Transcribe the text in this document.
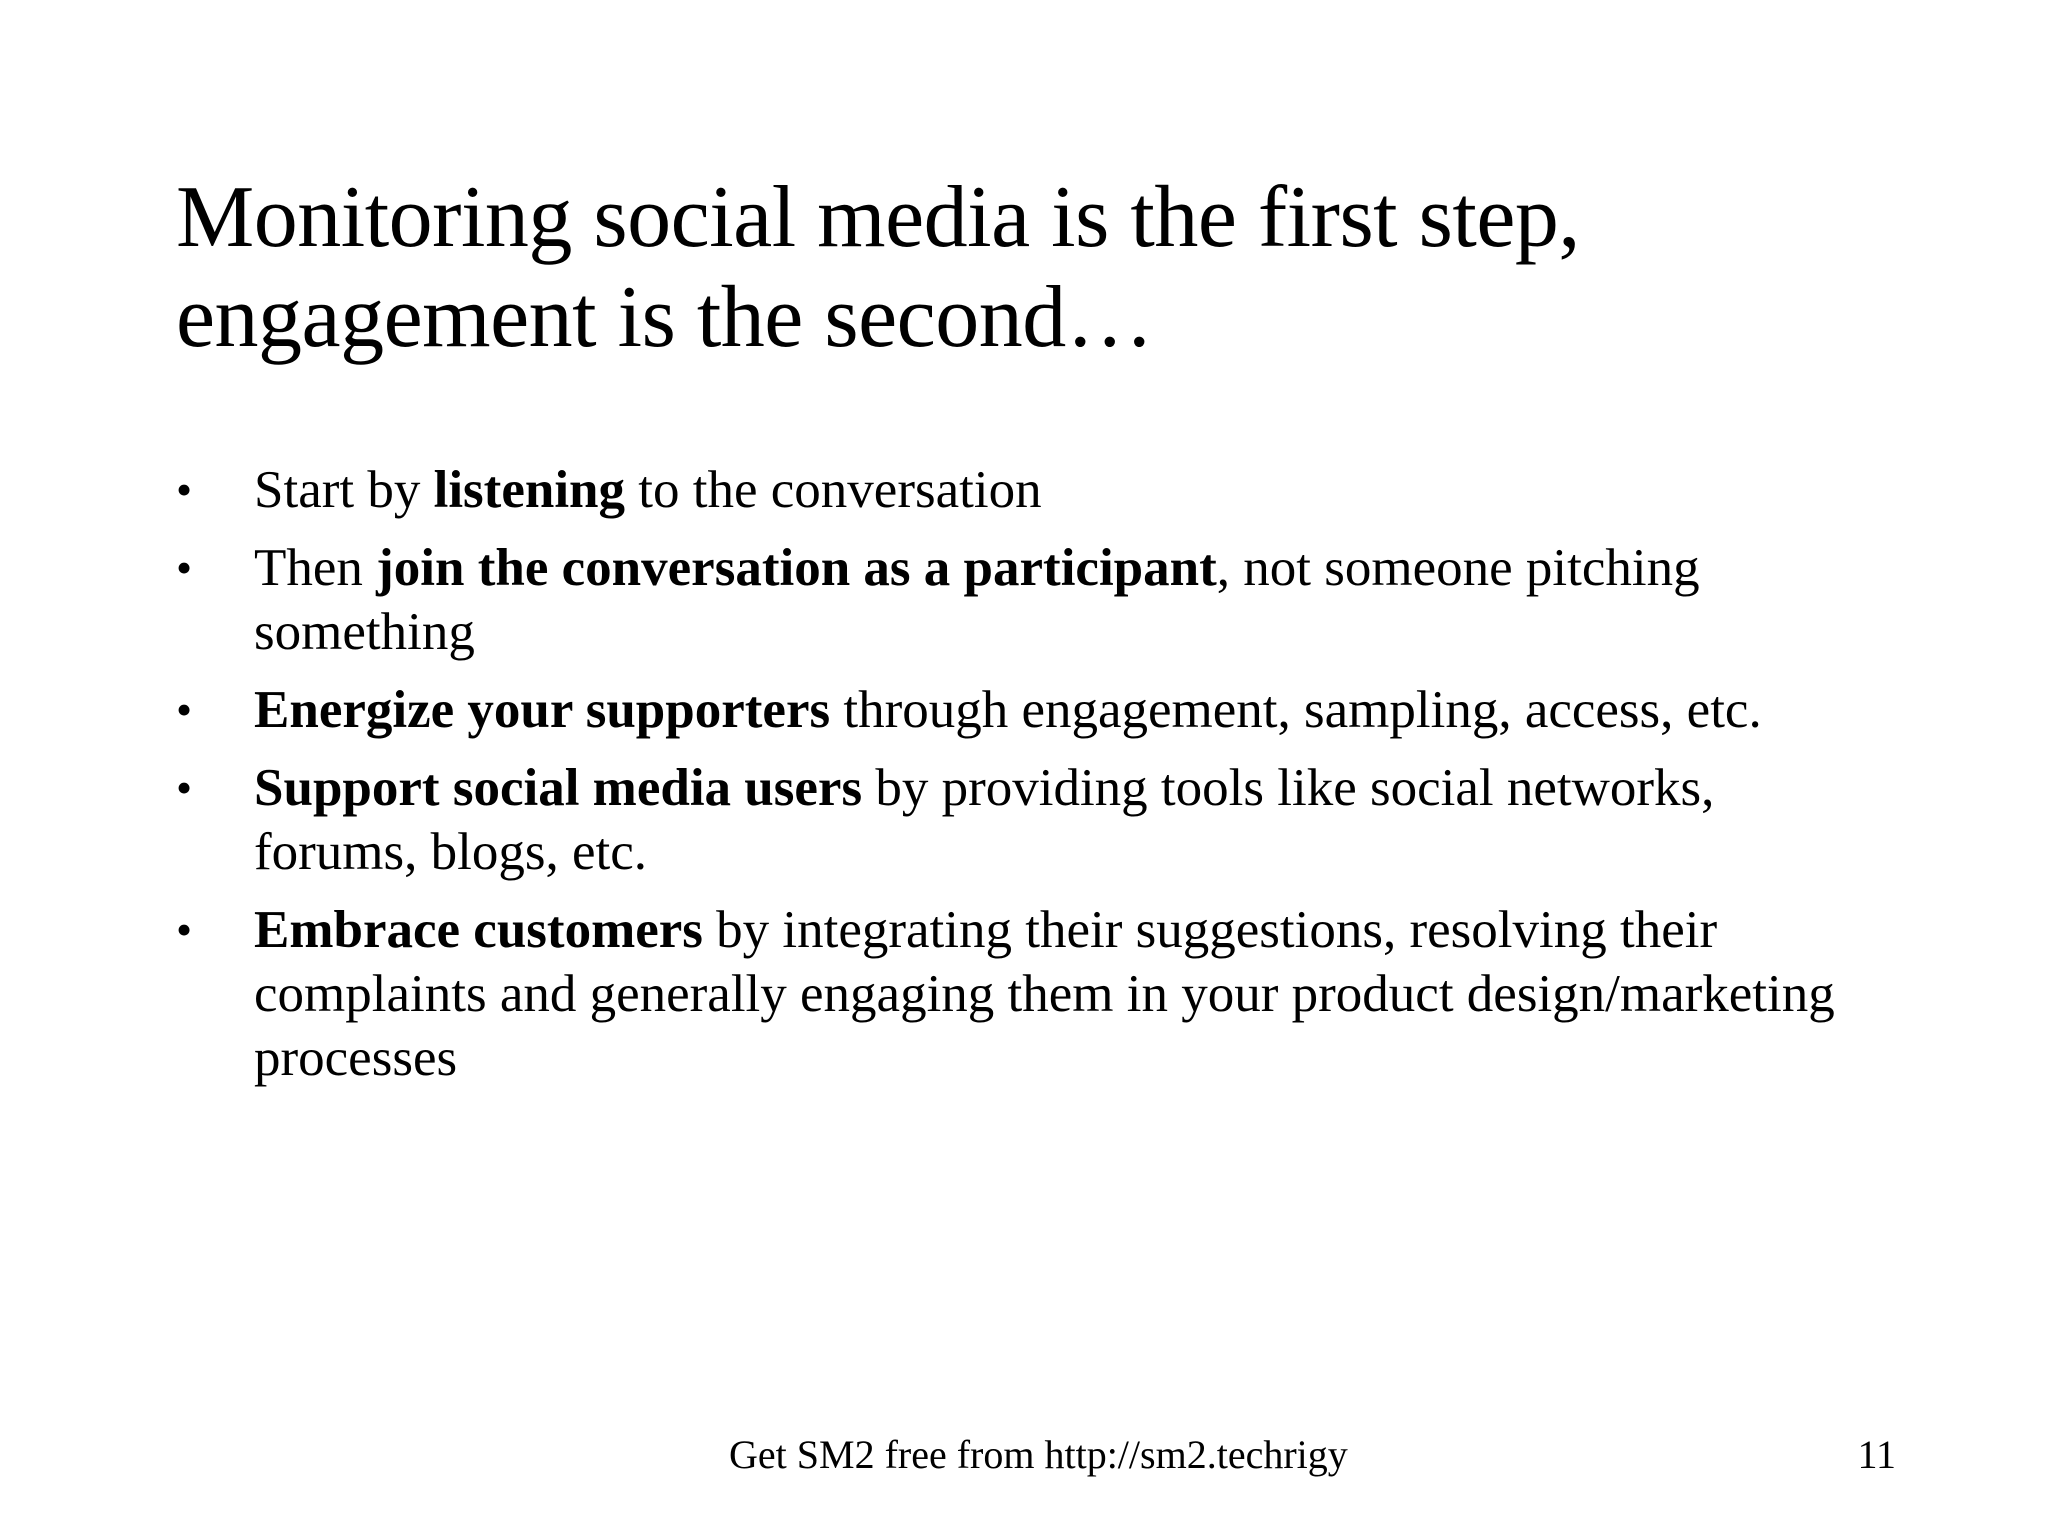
Monitoring social media is the first step,
engagement is the second…
•	Start by listening to the conversation
•	Then join the conversation as a participant, not someone pitching something
•	Energize your supporters through engagement, sampling, access, etc.
•	Support social media users by providing tools like social networks, forums, blogs, etc.
•	Embrace customers by integrating their suggestions, resolving their complaints and generally engaging them in your product design/marketing processes
Get SM2 free from http://sm2.techrigy	11
